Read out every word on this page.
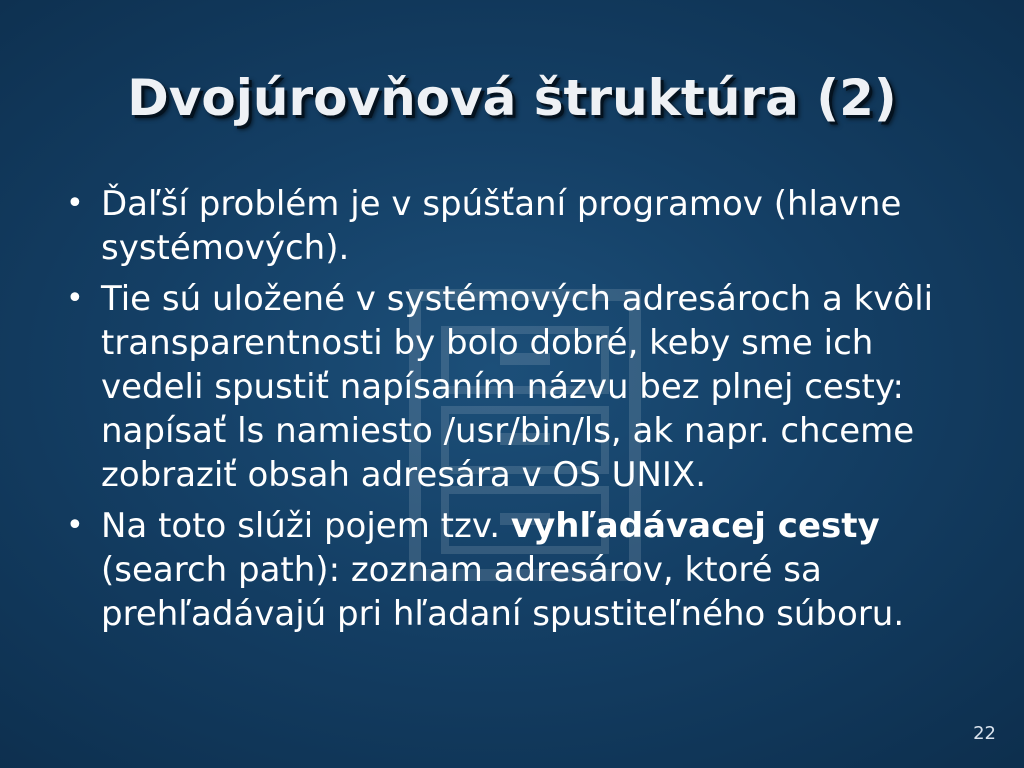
Dvojúrovňová štruktúra (2)
• Ďaľší problém je v spúšťaní programov (hlavne systémových).
• Tie sú uložené v systémových adresároch a kvôli transparentnosti by bolo dobré, keby sme ich vedeli spustiť napísaním názvu bez plnej cesty: napísať ls namiesto /usr/bin/ls, ak napr. chceme zobraziť obsah adresára v OS UNIX.
• Na toto slúži pojem tzv. vyhľadávacej cesty (search path): zoznam adresárov, ktoré sa prehľadávajú pri hľadaní spustiteľného súboru.
22
